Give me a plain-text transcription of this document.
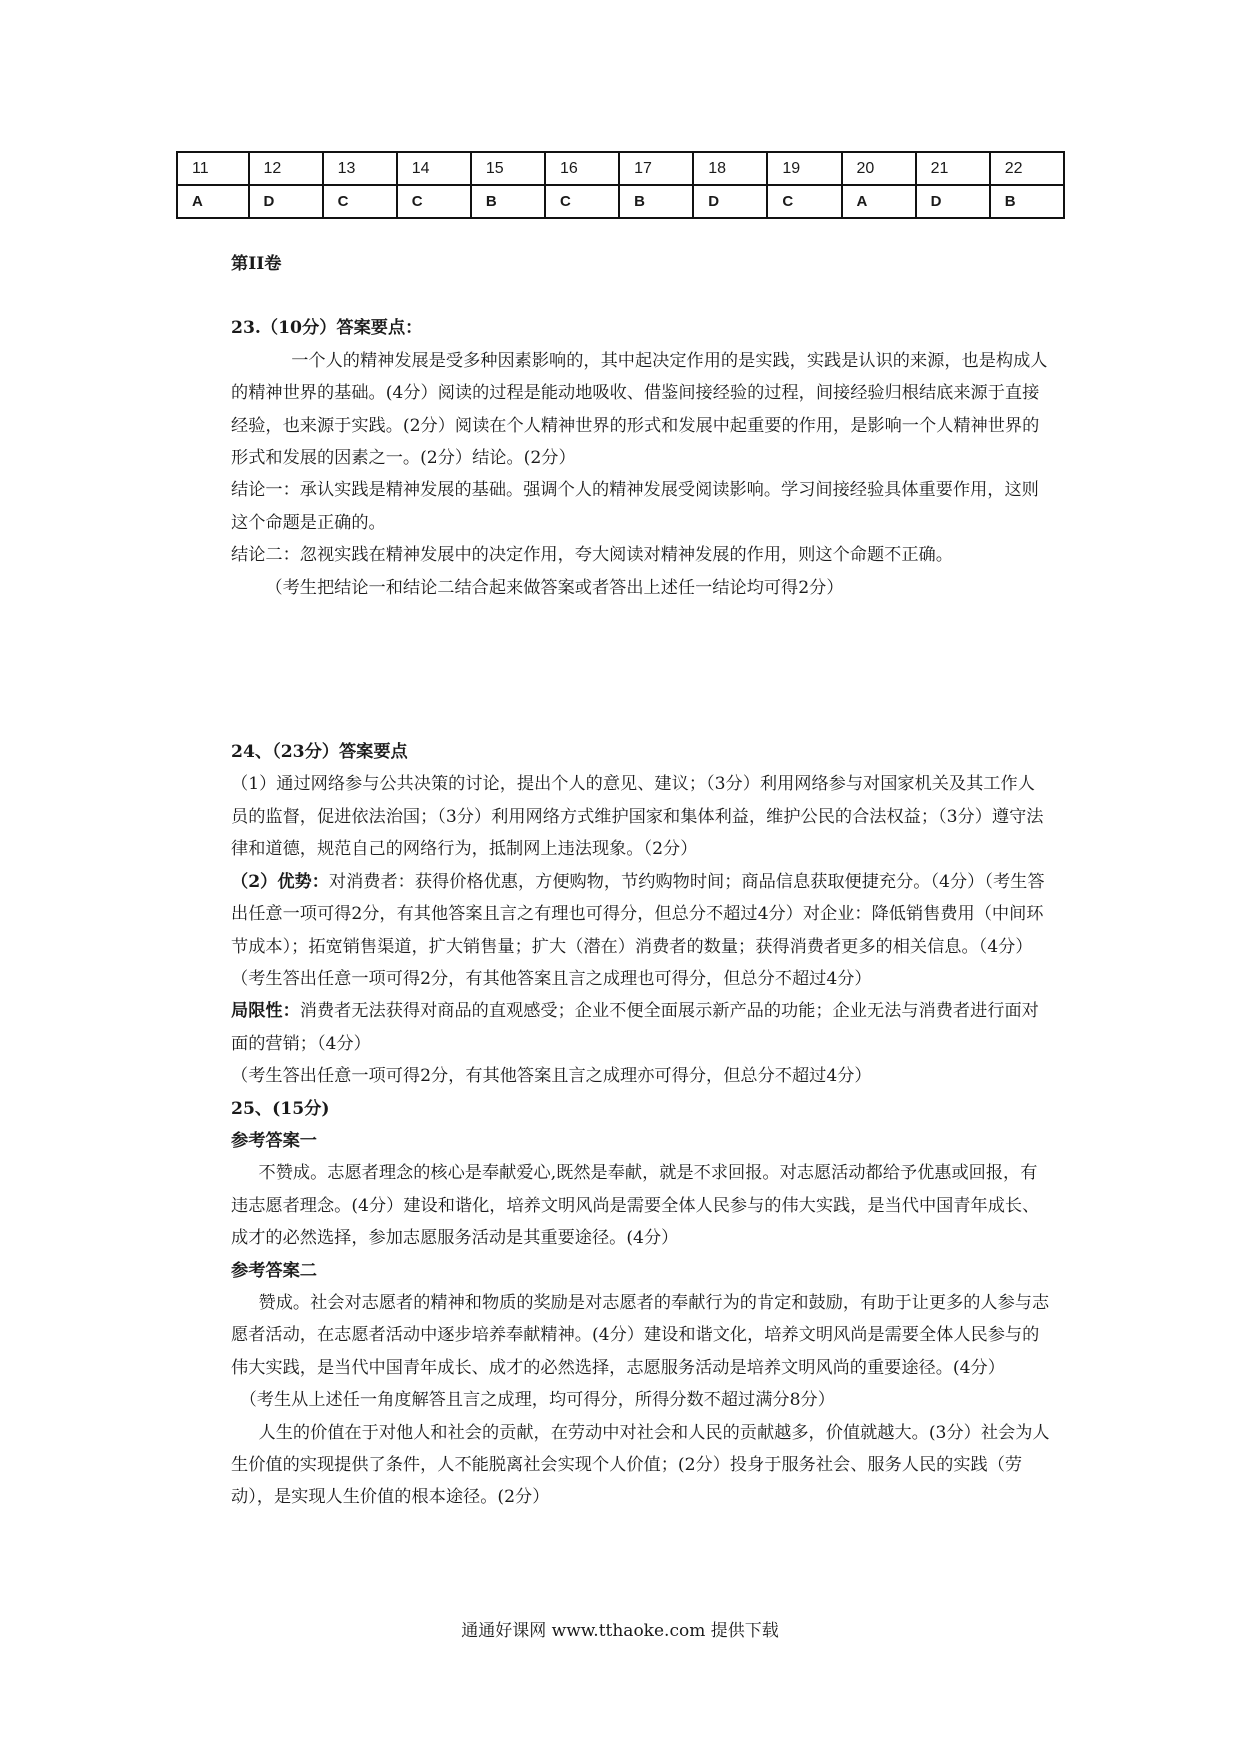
11	12	13	14	15	16	17	18	19	20	21	22
A	D	C	C	B	C	B	D	C	A	D	B

第II卷

23.（10分）答案要点：

一个人的精神发展是受多种因素影响的，其中起决定作用的是实践，实践是认识的来源，也是构成人的精神世界的基础。(4分）阅读的过程是能动地吸收、借鉴间接经验的过程，间接经验归根结底来源于直接经验，也来源于实践。(2分）阅读在个人精神世界的形式和发展中起重要的作用，是影响一个人精神世界的形式和发展的因素之一。(2分）结论。(2分）

结论一：承认实践是精神发展的基础。强调个人的精神发展受阅读影响。学习间接经验具体重要作用，这则这个命题是正确的。

结论二：忽视实践在精神发展中的决定作用，夸大阅读对精神发展的作用，则这个命题不正确。

（考生把结论一和结论二结合起来做答案或者答出上述任一结论均可得2分）

24、（23分）答案要点

（1）通过网络参与公共决策的讨论，提出个人的意见、建议；（3分）利用网络参与对国家机关及其工作人员的监督，促进依法治国；（3分）利用网络方式维护国家和集体利益，维护公民的合法权益；（3分）遵守法律和道德，规范自己的网络行为，抵制网上违法现象。（2分）

（2）优势：对消费者：获得价格优惠，方便购物，节约购物时间；商品信息获取便捷充分。（4分）（考生答出任意一项可得2分，有其他答案且言之有理也可得分，但总分不超过4分）对企业：降低销售费用（中间环节成本）；拓宽销售渠道，扩大销售量；扩大（潜在）消费者的数量；获得消费者更多的相关信息。（4分）

（考生答出任意一项可得2分，有其他答案且言之成理也可得分，但总分不超过4分）

局限性：消费者无法获得对商品的直观感受；企业不便全面展示新产品的功能；企业无法与消费者进行面对面的营销；（4分）

（考生答出任意一项可得2分，有其他答案且言之成理亦可得分，但总分不超过4分）

25、(15分)

参考答案一

不赞成。志愿者理念的核心是奉献爱心,既然是奉献，就是不求回报。对志愿活动都给予优惠或回报，有违志愿者理念。(4分）建设和谐化，培养文明风尚是需要全体人民参与的伟大实践，是当代中国青年成长、成才的必然选择，参加志愿服务活动是其重要途径。(4分）

参考答案二

赞成。社会对志愿者的精神和物质的奖励是对志愿者的奉献行为的肯定和鼓励，有助于让更多的人参与志愿者活动，在志愿者活动中逐步培养奉献精神。(4分）建设和谐文化，培养文明风尚是需要全体人民参与的伟大实践，是当代中国青年成长、成才的必然选择，志愿服务活动是培养文明风尚的重要途径。(4分）

（考生从上述任一角度解答且言之成理，均可得分，所得分数不超过满分8分）

人生的价值在于对他人和社会的贡献，在劳动中对社会和人民的贡献越多，价值就越大。(3分）社会为人生价值的实现提供了条件，人不能脱离社会实现个人价值；(2分）投身于服务社会、服务人民的实践（劳动），是实现人生价值的根本途径。(2分）

通通好课网 www.tthaoke.com 提供下载
